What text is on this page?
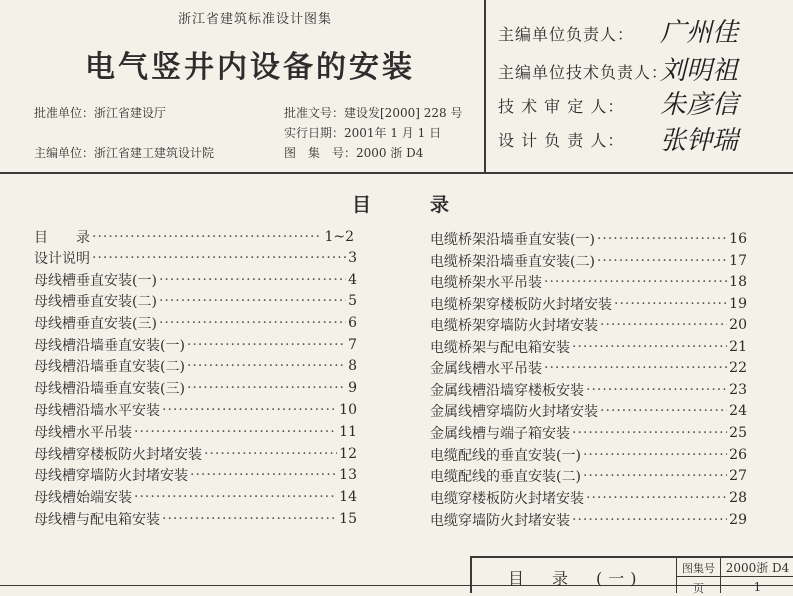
浙江省建筑标准设计图集
电气竖井内设备的安装
批准单位：浙江省建设厅	批准文号：建设发[2000] 228 号
实行日期：2001年 1 月 1 日
主编单位：浙江省建工建筑设计院	图　集　号：2000 浙 D4
主编单位负责人： 广州佳
主编单位技术负责人：
刘明祖
技 术 审 定 人： 朱彦信
设 计 负 责 人： 张钟瑞
目　录
目　　录 ·····	1~2
设计说明 ·····	3
母线槽垂直安装(一) ·····	4
母线槽垂直安装(二) ·····	5
母线槽垂直安装(三) ·····	6
母线槽沿墙垂直安装(一) ·····	7
母线槽沿墙垂直安装(二) ·····	8
母线槽沿墙垂直安装(三) ·····	9
母线槽沿墙水平安装 ·····	10
母线槽水平吊装 ·····	11
母线槽穿楼板防火封堵安装 ·····	12
母线槽穿墙防火封堵安装 ·····	13
母线槽始端安装 ·····	14
母线槽与配电箱安装 ·····	15
电缆桥架沿墙垂直安装(一) ·····	16
电缆桥架沿墙垂直安装(二) ·····	17
电缆桥架水平吊装 ·····	18
电缆桥架穿楼板防火封堵安装 ·····	19
电缆桥架穿墙防火封堵安装 ·····	20
电缆桥架与配电箱安装 ·····	21
金属线槽水平吊装 ·····	22
金属线槽沿墙穿楼板安装 ·····	23
金属线槽穿墙防火封堵安装 ·····	24
金属线槽与端子箱安装 ·····	25
电缆配线的垂直安装(一) ·····	26
电缆配线的垂直安装(二) ·····	27
电缆穿楼板防火封堵安装 ·····	28
电缆穿墙防火封堵安装 ·····	29
目　录　(一)
图集号 2000浙 D4
页	1
